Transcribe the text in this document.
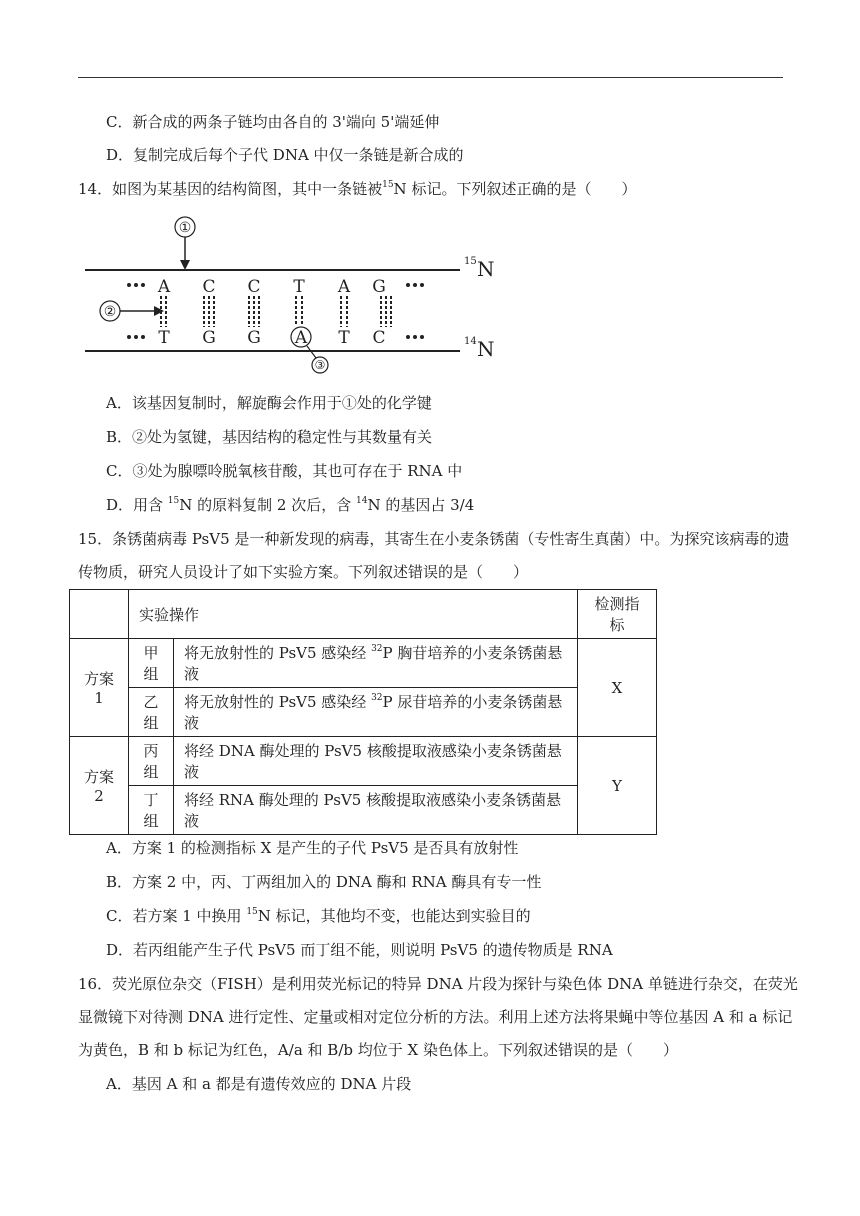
C．新合成的两条子链均由各自的 3'端向 5'端延伸
D．复制完成后每个子代 DNA 中仅一条链是新合成的
14．如图为某基因的结构简图，其中一条链被$^{15}$N 标记。下列叙述正确的是（　　）
①
②
A C C T A G
T G G A T C
③
15 N
14 N
A．该基因复制时，解旋酶会作用于①处的化学键
B．②处为氢键，基因结构的稳定性与其数量有关
C．③处为腺嘌呤脱氧核苷酸，其也可存在于 RNA 中
D．用含 $^{15}$N 的原料复制 2 次后，含 $^{14}$N 的基因占 3/4
15．条锈菌病毒 PsV5 是一种新发现的病毒，其寄生在小麦条锈菌（专性寄生真菌）中。为探究该病毒的遗
传物质，研究人员设计了如下实验方案。下列叙述错误的是（　　）
	实验操作		检测指标
方案 1	甲组	将无放射性的 PsV5 感染经 $^{32}$P 胸苷培养的小麦条锈菌悬液	X
	乙组	将无放射性的 PsV5 感染经 $^{32}$P 尿苷培养的小麦条锈菌悬液	
方案 2	丙组	将经 DNA 酶处理的 PsV5 核酸提取液感染小麦条锈菌悬液	Y
	丁组	将经 RNA 酶处理的 PsV5 核酸提取液感染小麦条锈菌悬液	
A．方案 1 的检测指标 X 是产生的子代 PsV5 是否具有放射性
B．方案 2 中，丙、丁两组加入的 DNA 酶和 RNA 酶具有专一性
C．若方案 1 中换用 $^{15}$N 标记，其他均不变，也能达到实验目的
D．若丙组能产生子代 PsV5 而丁组不能，则说明 PsV5 的遗传物质是 RNA
16．荧光原位杂交（FISH）是利用荧光标记的特异 DNA 片段为探针与染色体 DNA 单链进行杂交，在荧光
显微镜下对待测 DNA 进行定性、定量或相对定位分析的方法。利用上述方法将果蝇中等位基因 A 和 a 标记
为黄色，B 和 b 标记为红色，A/a 和 B/b 均位于 X 染色体上。下列叙述错误的是（　　）
A．基因 A 和 a 都是有遗传效应的 DNA 片段
